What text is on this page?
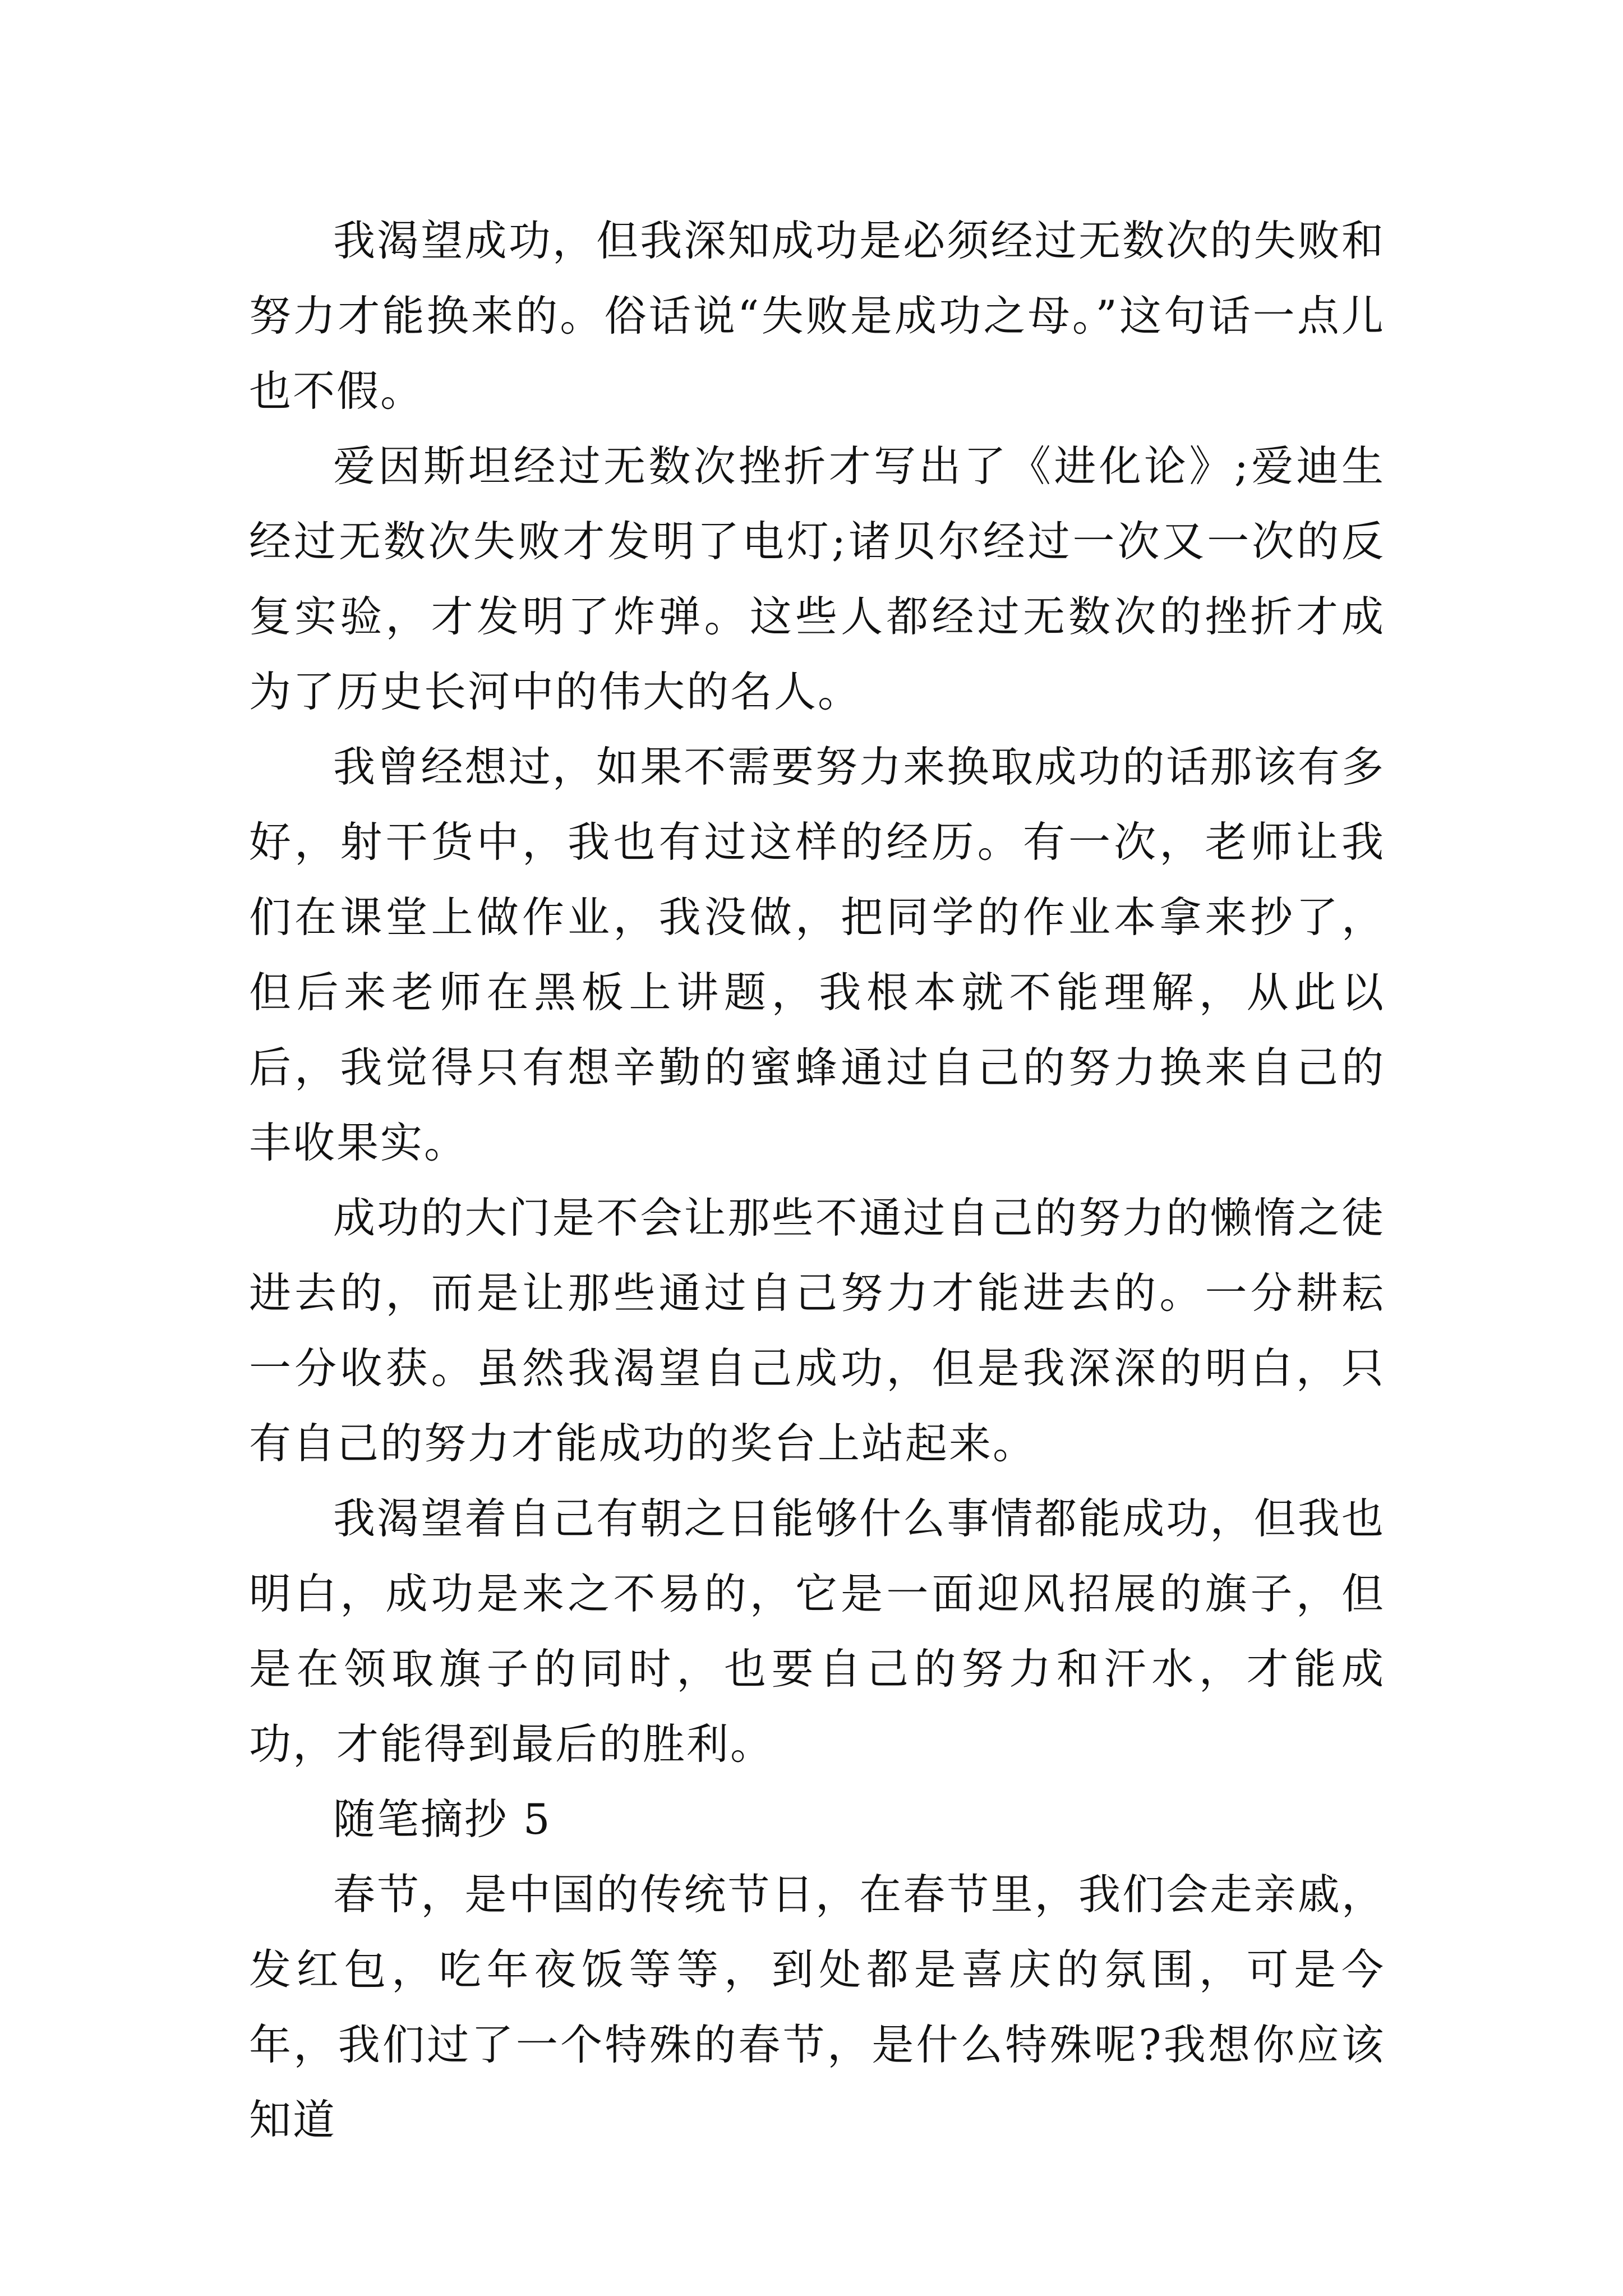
我渴望成功，但我深知成功是必须经过无数次的失败和努力才能换来的。俗话说“失败是成功之母。”这句话一点儿也不假。

爱因斯坦经过无数次挫折才写出了《进化论》;爱迪生经过无数次失败才发明了电灯;诸贝尔经过一次又一次的反复实验，才发明了炸弹。这些人都经过无数次的挫折才成为了历史长河中的伟大的名人。

我曾经想过，如果不需要努力来换取成功的话那该有多好，射干货中，我也有过这样的经历。有一次，老师让我们在课堂上做作业，我没做，把同学的作业本拿来抄了，但后来老师在黑板上讲题，我根本就不能理解，从此以后，我觉得只有想辛勤的蜜蜂通过自己的努力换来自己的丰收果实。

成功的大门是不会让那些不通过自己的努力的懒惰之徒进去的，而是让那些通过自己努力才能进去的。一分耕耘一分收获。虽然我渴望自己成功，但是我深深的明白，只有自己的努力才能成功的奖台上站起来。

我渴望着自己有朝之日能够什么事情都能成功，但我也明白，成功是来之不易的，它是一面迎风招展的旗子，但是在领取旗子的同时，也要自己的努力和汗水，才能成功，才能得到最后的胜利。

随笔摘抄 5

春节，是中国的传统节日，在春节里，我们会走亲戚，发红包，吃年夜饭等等，到处都是喜庆的氛围，可是今年，我们过了一个特殊的春节，是什么特殊呢?我想你应该知道
